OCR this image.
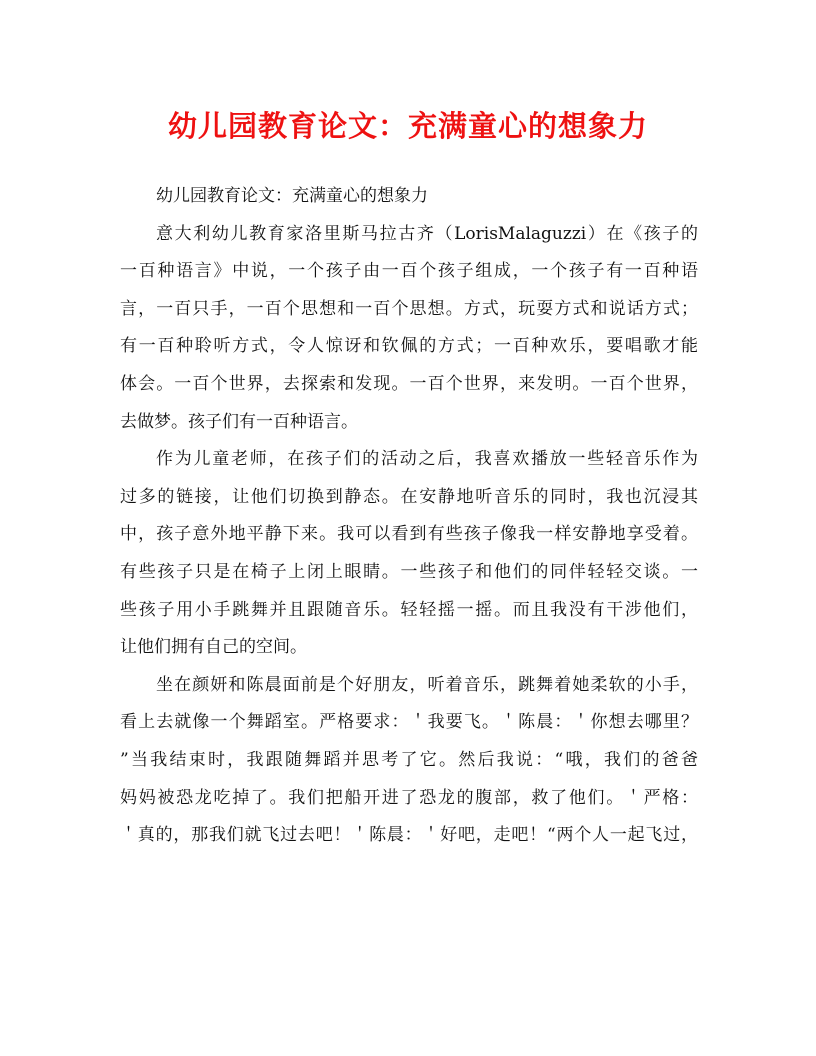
幼儿园教育论文：充满童心的想象力
幼儿园教育论文：充满童心的想象力
意大利幼儿教育家洛里斯马拉古齐（LorisMalaguzzi）在《孩子的
一百种语言》中说，一个孩子由一百个孩子组成，一个孩子有一百种语
言，一百只手，一百个思想和一百个思想。方式，玩耍方式和说话方式；
有一百种聆听方式，令人惊讶和钦佩的方式；一百种欢乐，要唱歌才能
体会。一百个世界，去探索和发现。一百个世界，来发明。一百个世界，
去做梦。孩子们有一百种语言。
作为儿童老师，在孩子们的活动之后，我喜欢播放一些轻音乐作为
过多的链接，让他们切换到静态。在安静地听音乐的同时，我也沉浸其
中，孩子意外地平静下来。我可以看到有些孩子像我一样安静地享受着。
有些孩子只是在椅子上闭上眼睛。一些孩子和他们的同伴轻轻交谈。一
些孩子用小手跳舞并且跟随音乐。轻轻摇一摇。而且我没有干涉他们，
让他们拥有自己的空间。
坐在颜妍和陈晨面前是个好朋友，听着音乐，跳舞着她柔软的小手，
看上去就像一个舞蹈室。严格要求：＇我要飞。＇陈晨：＇你想去哪里？
”当我结束时，我跟随舞蹈并思考了它。然后我说：“哦，我们的爸爸
妈妈被恐龙吃掉了。我们把船开进了恐龙的腹部，救了他们。＇严格：
＇真的，那我们就飞过去吧！＇陈晨：＇好吧，走吧！“两个人一起飞过，
